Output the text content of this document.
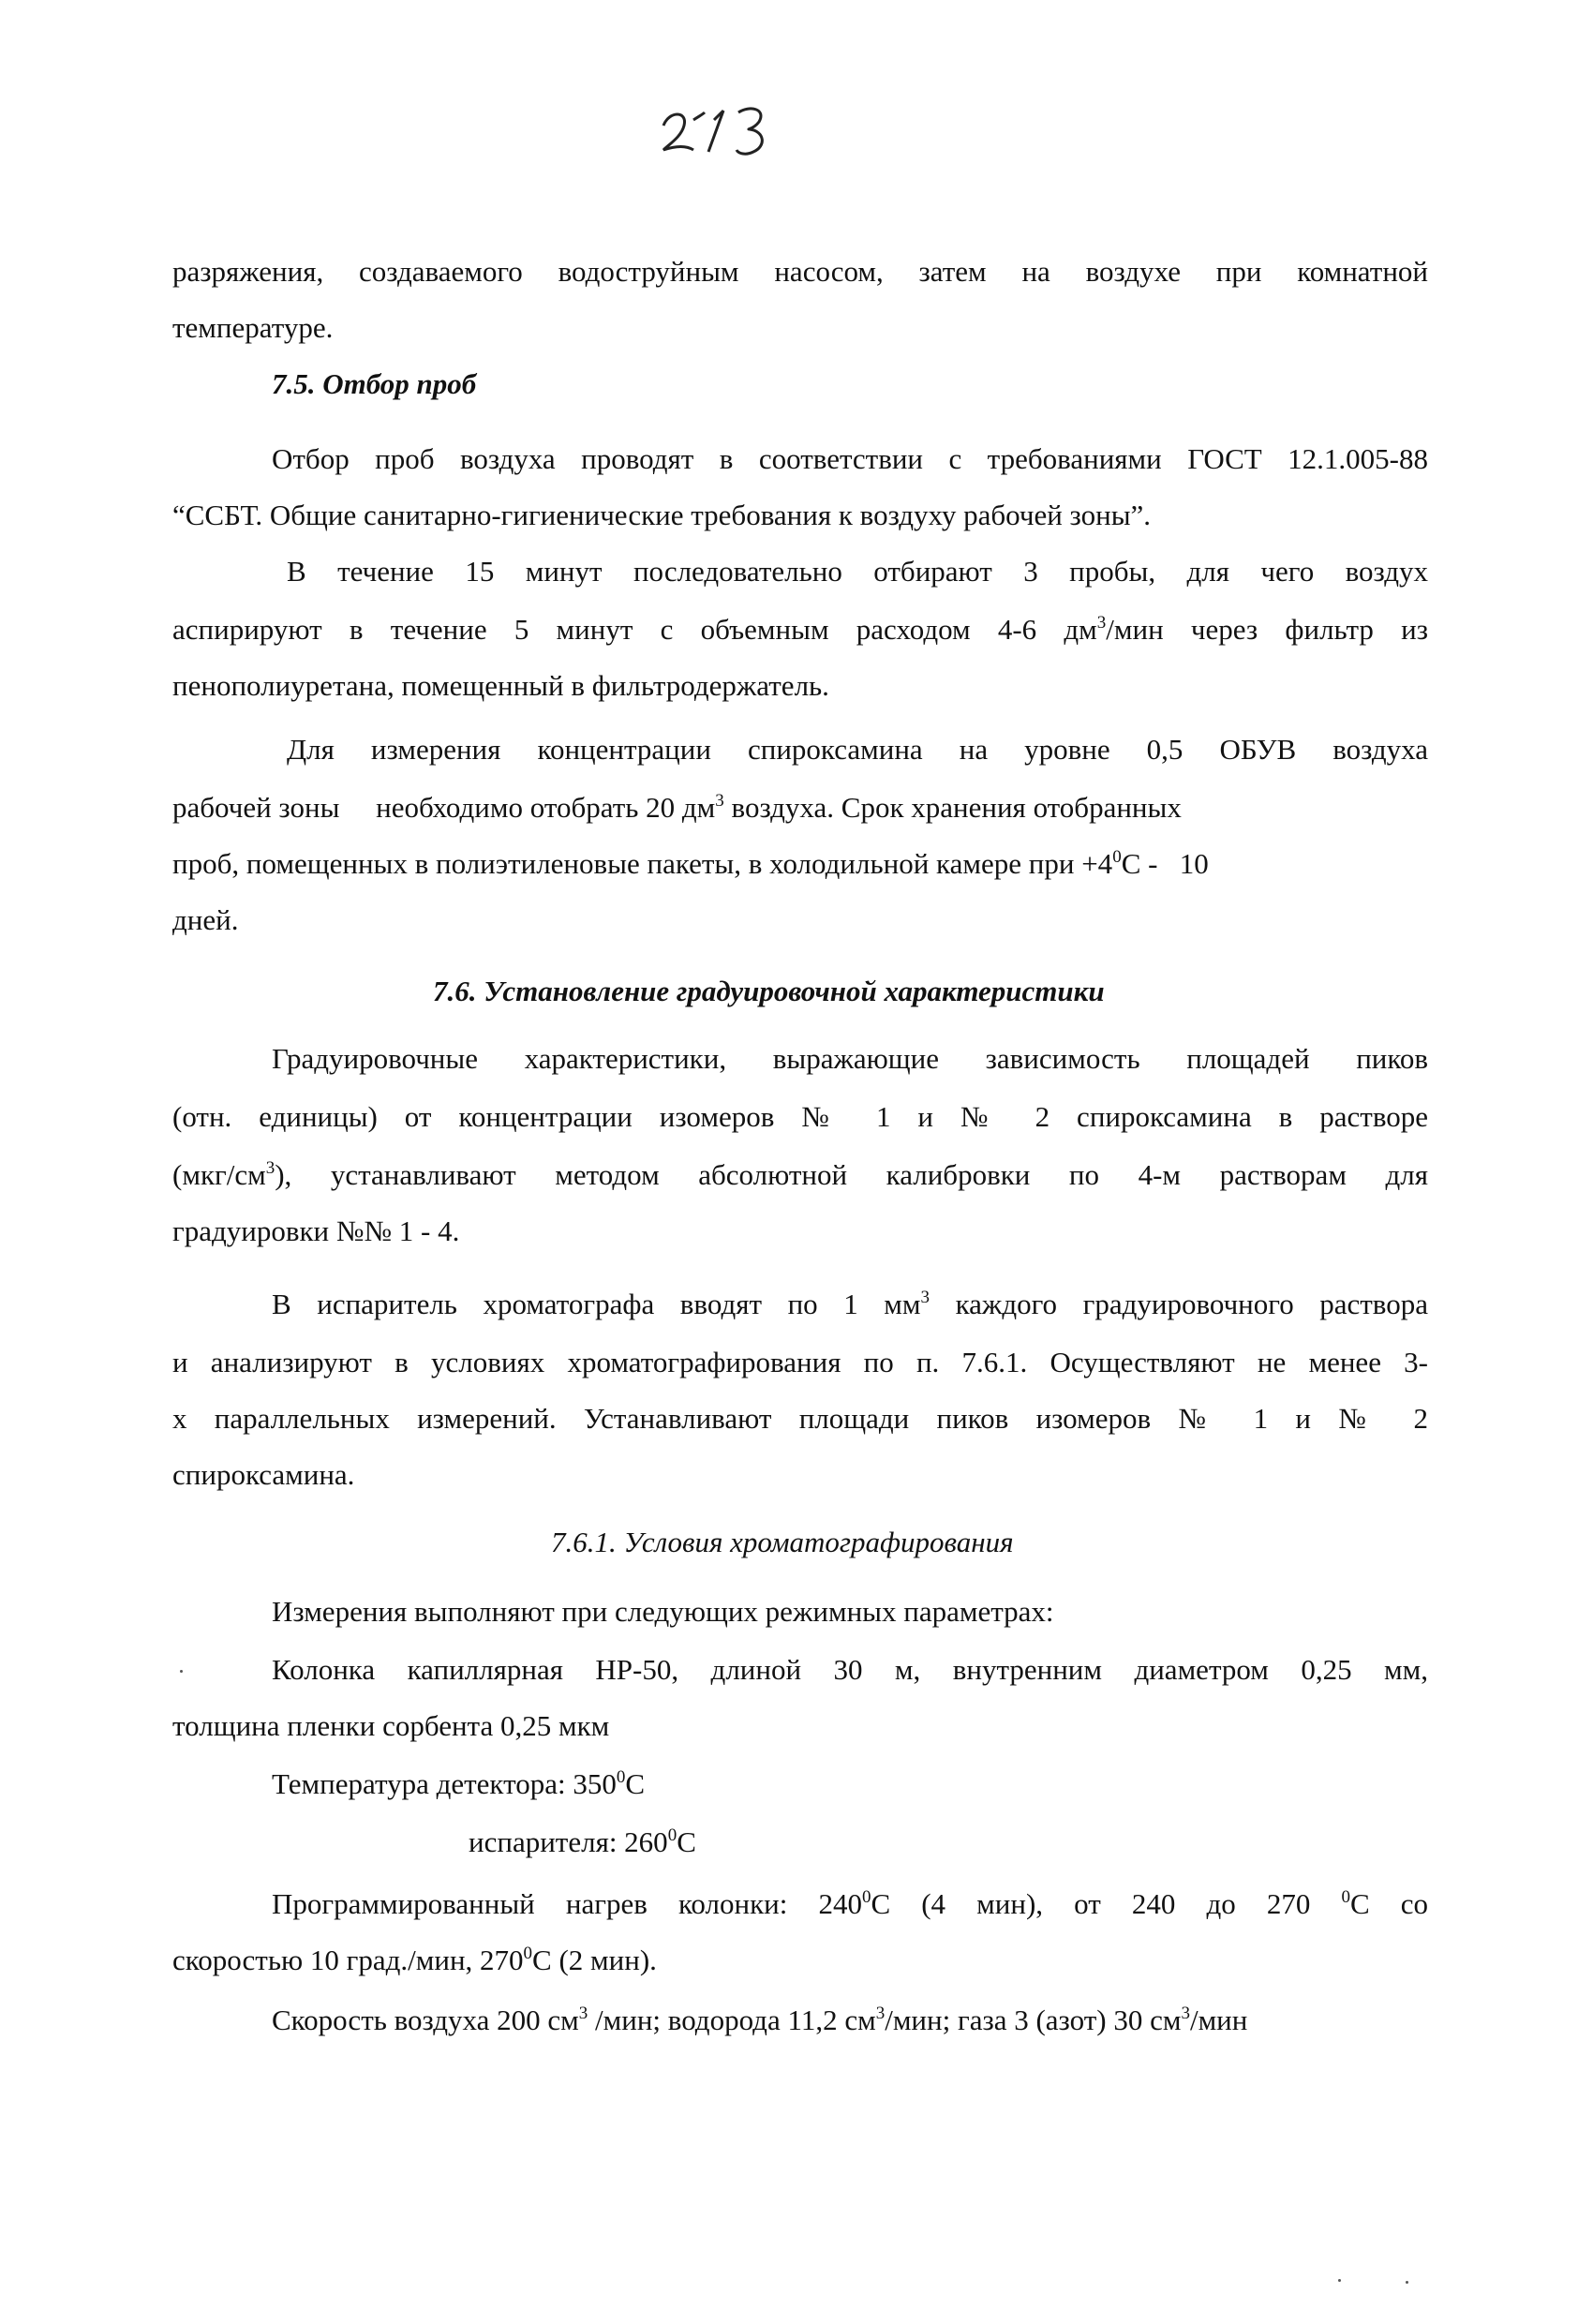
разряжения, создаваемого водоструйным насосом, затем на воздухе при комнатной
температуре.
7.5. Отбор проб
Отбор проб воздуха проводят в соответствии с требованиями ГОСТ 12.1.005-88
“ССБТ. Общие санитарно-гигиенические требования к воздуху рабочей зоны”.
В течение 15 минут последовательно отбирают 3 пробы, для чего воздух
аспирируют в течение 5 минут с объемным расходом 4-6 $дм^3$/мин через фильтр из
пенополиуретана, помещенный в фильтродержатель.
Для измерения концентрации спироксамина на уровне 0,5 ОБУВ воздуха
рабочей зоны     необходимо отобрать 20 $дм^3$ воздуха. Срок хранения отобранных
проб, помещенных в полиэтиленовые пакеты, в холодильной камере при $+4^0С - 10$
дней.
7.6. Установление градуировочной характеристики
Градуировочные характеристики, выражающие зависимость площадей пиков
(отн. единицы) от концентрации изомеров № 1 и № 2 спироксамина в растворе
$(мкг/см^3)$, устанавливают методом абсолютной калибровки по 4-м растворам для
градуировки №№ 1 - 4.
В испаритель хроматографа вводят по 1 $мм^3$ каждого градуировочного раствора
и анализируют в условиях хроматографирования по п. 7.6.1. Осуществляют не менее 3-
х параллельных измерений. Устанавливают площади пиков изомеров № 1 и № 2
спироксамина.
7.6.1. Условия хроматографирования
Измерения выполняют при следующих режимных параметрах:
Колонка капиллярная НР-50, длиной 30 м, внутренним диаметром 0,25 мм,
толщина пленки сорбента 0,25 мкм
Температура детектора: $350^0С$
испарителя: $260^0С$
Программированный нагрев колонки: $240^0С$ (4 мин), от 240 до 270 $^0$С со
скоростью 10 град./мин, $270^0С$ (2 мин).
Скорость воздуха 200 $см^3$ /мин; водорода 11,2 $см^3$/мин; газа 3 (азот) 30 $см^3$/мин
